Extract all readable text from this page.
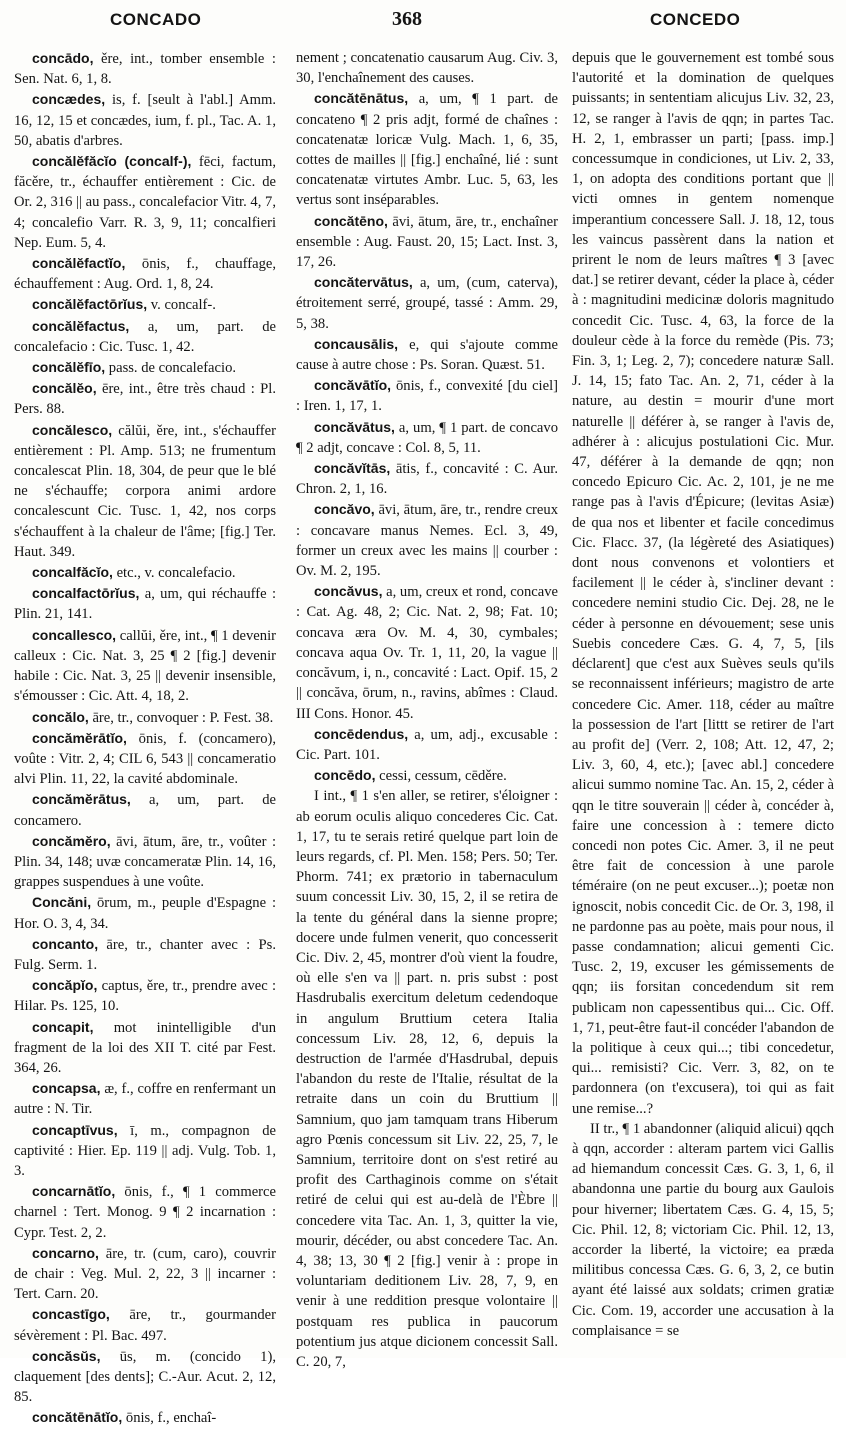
CONCADO	368	CONCEDO

concādo, ěre, int., tomber ensemble : Sen. Nat. 6, 1, 8.

concædes, is, f. [seult à l'abl.] Amm. 16, 12, 15 et concædes, ium, f. pl., Tac. A. 1, 50, abatis d'arbres.

concălĕfăcĭo (concalf-), fēci, factum, făcěre, tr., échauffer entièrement : Cic. de Or. 2, 316 || au pass., concalefacior Vitr. 4, 7, 4; concalefio Varr. R. 3, 9, 11; concalfieri Nep. Eum. 5, 4.

concălĕfactĭo, ōnis, f., chauffage, échauffement : Aug. Ord. 1, 8, 24.

concălĕfactōrĭus, v. concalf-.

concălĕfactus, a, um, part. de concalefacio : Cic. Tusc. 1, 42.

concălĕfīo, pass. de concalefacio.

concălĕo, ēre, int., être très chaud : Pl. Pers. 88.

concălesco, călŭi, ěre, int., s'échauffer entièrement : Pl. Amp. 513; ne frumentum concalescat Plin. 18, 304, de peur que le blé ne s'échauffe; corpora animi ardore concalescunt Cic. Tusc. 1, 42, nos corps s'échauffent à la chaleur de l'âme; [fig.] Ter. Haut. 349.

concalfăcĭo, etc., v. concalefacio.

concalfactōrĭus, a, um, qui réchauffe : Plin. 21, 141.

concallesco, callŭi, ěre, int., ¶ 1 devenir calleux : Cic. Nat. 3, 25 ¶ 2 [fig.] devenir habile : Cic. Nat. 3, 25 || devenir insensible, s'émousser : Cic. Att. 4, 18, 2.

concălo, āre, tr., convoquer : P. Fest. 38.

concămĕrātĭo, ōnis, f. (concamero), voûte : Vitr. 2, 4; CIL 6, 543 || concameratio alvi Plin. 11, 22, la cavité abdominale.

concămĕrātus, a, um, part. de concamero.

concămĕro, āvi, ātum, āre, tr., voûter : Plin. 34, 148; uvæ concameratæ Plin. 14, 16, grappes suspendues à une voûte.

Concăni, ōrum, m., peuple d'Espagne : Hor. O. 3, 4, 34.

concanto, āre, tr., chanter avec : Ps. Fulg. Serm. 1.

concăpĭo, captus, ěre, tr., prendre avec : Hilar. Ps. 125, 10.

concapit, mot inintelligible d'un fragment de la loi des XII T. cité par Fest. 364, 26.

concapsa, æ, f., coffre en renfermant un autre : N. Tir.

concaptīvus, ī, m., compagnon de captivité : Hier. Ep. 119 || adj. Vulg. Tob. 1, 3.

concarnātĭo, ōnis, f., ¶ 1 commerce charnel : Tert. Monog. 9 ¶ 2 incarnation : Cypr. Test. 2, 2.

concarno, āre, tr. (cum, caro), couvrir de chair : Veg. Mul. 2, 22, 3 || incarner : Tert. Carn. 20.

concastīgo, āre, tr., gourmander sévèrement : Pl. Bac. 497.

concăsŭs, ūs, m. (concido 1), claquement [des dents]; C.-Aur. Acut. 2, 12, 85.

concătēnātĭo, ōnis, f., enchaî-

nement ; concatenatio causarum Aug. Civ. 3, 30, l'enchaînement des causes.

concătēnātus, a, um, ¶ 1 part. de concateno ¶ 2 pris adjt, formé de chaînes : concatenatæ loricæ Vulg. Mach. 1, 6, 35, cottes de mailles || [fig.] enchaîné, lié : sunt concatenatæ virtutes Ambr. Luc. 5, 63, les vertus sont inséparables.

concătēno, āvi, ātum, āre, tr., enchaîner ensemble : Aug. Faust. 20, 15; Lact. Inst. 3, 17, 26.

concătervātus, a, um, (cum, caterva), étroitement serré, groupé, tassé : Amm. 29, 5, 38.

concausālis, e, qui s'ajoute comme cause à autre chose : Ps. Soran. Quæst. 51.

concăvātĭo, ōnis, f., convexité [du ciel] : Iren. 1, 17, 1.

concăvātus, a, um, ¶ 1 part. de concavo ¶ 2 adjt, concave : Col. 8, 5, 11.

concăvĭtās, ātis, f., concavité : C. Aur. Chron. 2, 1, 16.

concăvo, āvi, ātum, āre, tr., rendre creux : concavare manus Nemes. Ecl. 3, 49, former un creux avec les mains || courber : Ov. M. 2, 195.

concăvus, a, um, creux et rond, concave : Cat. Ag. 48, 2; Cic. Nat. 2, 98; Fat. 10; concava æra Ov. M. 4, 30, cymbales; concava aqua Ov. Tr. 1, 11, 20, la vague || concăvum, i, n., concavité : Lact. Opif. 15, 2 || concăva, ōrum, n., ravins, abîmes : Claud. III Cons. Honor. 45.

concēdendus, a, um, adj., excusable : Cic. Part. 101.

concēdo, cessi, cessum, cēděre.

I int., ¶ 1 s'en aller, se retirer, s'éloigner : ab eorum oculis aliquo concederes Cic. Cat. 1, 17, tu te serais retiré quelque part loin de leurs regards, cf. Pl. Men. 158; Pers. 50; Ter. Phorm. 741; ex prætorio in tabernaculum suum concessit Liv. 30, 15, 2, il se retira de la tente du général dans la sienne propre; docere unde fulmen venerit, quo concesserit Cic. Div. 2, 45, montrer d'où vient la foudre, où elle s'en va || part. n. pris subst : post Hasdrubalis exercitum deletum cedendoque in angulum Bruttium cetera Italia concessum Liv. 28, 12, 6, depuis la destruction de l'armée d'Hasdrubal, depuis l'abandon du reste de l'Italie, résultat de la retraite dans un coin du Bruttium || Samnium, quo jam tamquam trans Hiberum agro Pœnis concessum sit Liv. 22, 25, 7, le Samnium, territoire dont on s'est retiré au profit des Carthaginois comme on s'était retiré de celui qui est au-delà de l'Èbre || concedere vita Tac. An. 1, 3, quitter la vie, mourir, décéder, ou abst concedere Tac. An. 4, 38; 13, 30 ¶ 2 [fig.] venir à : prope in voluntariam deditionem Liv. 28, 7, 9, en venir à une reddition presque volontaire || postquam res publica in paucorum potentium jus atque dicionem concessit Sall. C. 20, 7,

depuis que le gouvernement est tombé sous l'autorité et la domination de quelques puissants; in sententiam alicujus Liv. 32, 23, 12, se ranger à l'avis de qqn; in partes Tac. H. 2, 1, embrasser un parti; [pass. imp.] concessumque in condiciones, ut Liv. 2, 33, 1, on adopta des conditions portant que || victi omnes in gentem nomenque imperantium concessere Sall. J. 18, 12, tous les vaincus passèrent dans la nation et prirent le nom de leurs maîtres ¶ 3 [avec dat.] se retirer devant, céder la place à, céder à : magnitudini medicinæ doloris magnitudo concedit Cic. Tusc. 4, 63, la force de la douleur cède à la force du remède (Pis. 73; Fin. 3, 1; Leg. 2, 7); concedere naturæ Sall. J. 14, 15; fato Tac. An. 2, 71, céder à la nature, au destin = mourir d'une mort naturelle || déférer à, se ranger à l'avis de, adhérer à : alicujus postulationi Cic. Mur. 47, déférer à la demande de qqn; non concedo Epicuro Cic. Ac. 2, 101, je ne me range pas à l'avis d'Épicure; (levitas Asiæ) de qua nos et libenter et facile concedimus Cic. Flacc. 37, (la légèreté des Asiatiques) dont nous convenons et volontiers et facilement || le céder à, s'incliner devant : concedere nemini studio Cic. Dej. 28, ne le céder à personne en dévouement; sese unis Suebis concedere Cæs. G. 4, 7, 5, [ils déclarent] que c'est aux Suèves seuls qu'ils se reconnaissent inférieurs; magistro de arte concedere Cic. Amer. 118, céder au maître la possession de l'art [littt se retirer de l'art au profit de] (Verr. 2, 108; Att. 12, 47, 2; Liv. 3, 60, 4, etc.); [avec abl.] concedere alicui summo nomine Tac. An. 15, 2, céder à qqn le titre souverain || céder à, concéder à, faire une concession à : temere dicto concedi non potes Cic. Amer. 3, il ne peut être fait de concession à une parole téméraire (on ne peut excuser...); poetæ non ignoscit, nobis concedit Cic. de Or. 3, 198, il ne pardonne pas au poète, mais pour nous, il passe condamnation; alicui gementi Cic. Tusc. 2, 19, excuser les gémissements de qqn; iis forsitan concedendum sit rem publicam non capessentibus qui... Cic. Off. 1, 71, peut-être faut-il concéder l'abandon de la politique à ceux qui...; tibi concedetur, qui... remisisti? Cic. Verr. 3, 82, on te pardonnera (on t'excusera), toi qui as fait une remise...?

II tr., ¶ 1 abandonner (aliquid alicui) qqch à qqn, accorder : alteram partem vici Gallis ad hiemandum concessit Cæs. G. 3, 1, 6, il abandonna une partie du bourg aux Gaulois pour hiverner; libertatem Cæs. G. 4, 15, 5; Cic. Phil. 12, 8; victoriam Cic. Phil. 12, 13, accorder la liberté, la victoire; ea præda militibus concessa Cæs. G. 6, 3, 2, ce butin ayant été laissé aux soldats; crimen gratiæ Cic. Com. 19, accorder une accusation à la complaisance = se
